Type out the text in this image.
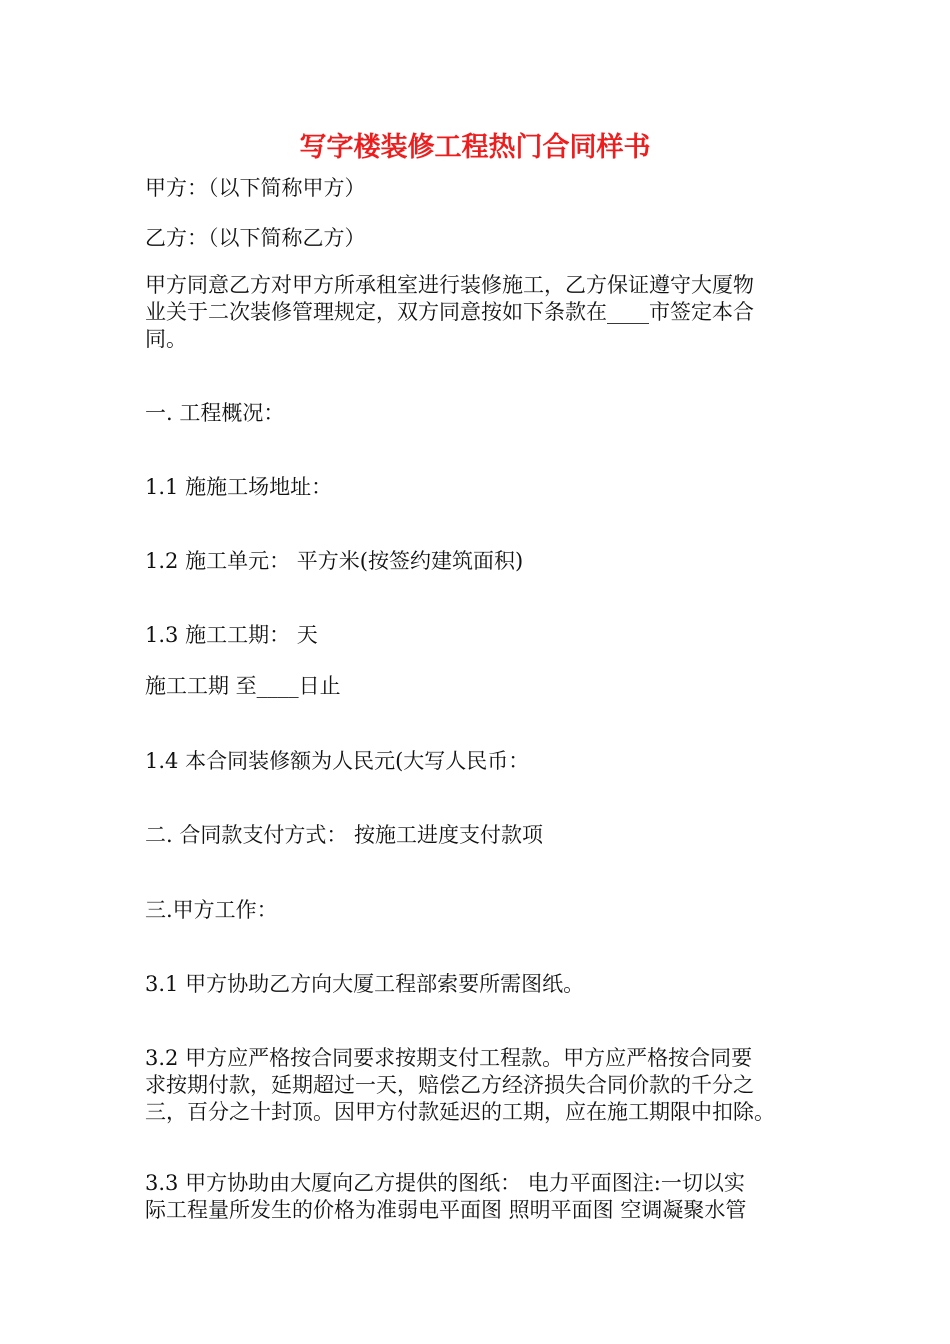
写字楼装修工程热门合同样书

甲方：（以下简称甲方）

乙方：（以下简称乙方）

甲方同意乙方对甲方所承租室进行装修施工，乙方保证遵守大厦物
业关于二次装修管理规定，双方同意按如下条款在____市签定本合
同。

一. 工程概况：

1.1 施施工场地址：

1.2 施工单元： 平方米(按签约建筑面积)

1.3 施工工期： 天

施工工期 至____日止

1.4 本合同装修额为人民元(大写人民币：

二. 合同款支付方式： 按施工进度支付款项

三.甲方工作：

3.1 甲方协助乙方向大厦工程部索要所需图纸。

3.2 甲方应严格按合同要求按期支付工程款。甲方应严格按合同要
求按期付款，延期超过一天，赔偿乙方经济损失合同价款的千分之
三，百分之十封顶。因甲方付款延迟的工期，应在施工期限中扣除。
3.3 甲方协助由大厦向乙方提供的图纸： 电力平面图注:一切以实
际工程量所发生的价格为准弱电平面图 照明平面图 空调凝聚水管
